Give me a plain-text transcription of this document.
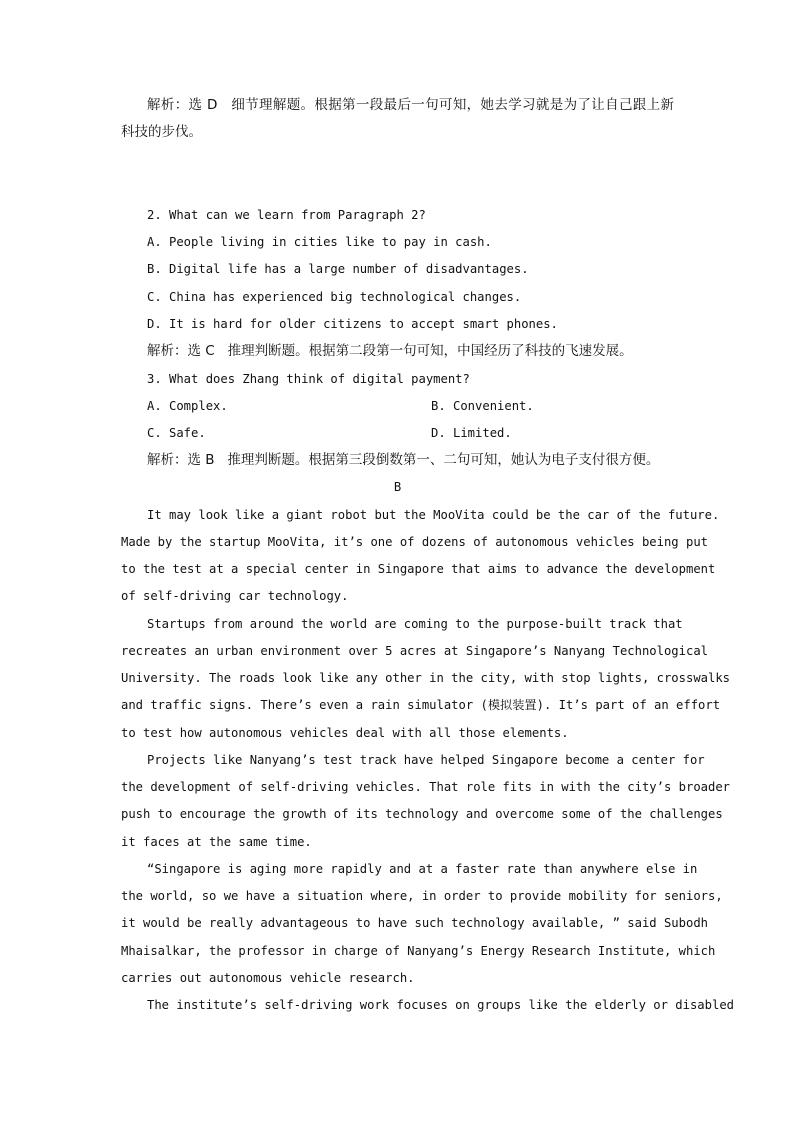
解析：选 D   细节理解题。根据第一段最后一句可知，她去学习就是为了让自己跟上新
科技的步伐。
2. What can we learn from Paragraph 2?
A. People living in cities like to pay in cash.
B. Digital life has a large number of disadvantages.
C. China has experienced big technological changes.
D. It is hard for older citizens to accept smart phones.
解析：选 C   推理判断题。根据第二段第一句可知，中国经历了科技的飞速发展。
3. What does Zhang think of digital payment?
A. Complex.	B. Convenient.
C. Safe.	D. Limited.
解析：选 B   推理判断题。根据第三段倒数第一、二句可知，她认为电子支付很方便。
B
It may look like a giant robot but the MooVita could be the car of the future.
Made by the startup MooVita, it’s one of dozens of autonomous vehicles being put
to the test at a special center in Singapore that aims to advance the development
of self-driving car technology.
Startups from around the world are coming to the purpose-built track that
recreates an urban environment over 5 acres at Singapore’s Nanyang Technological
University. The roads look like any other in the city, with stop lights, crosswalks
and traffic signs. There’s even a rain simulator (模拟装置). It’s part of an effort
to test how autonomous vehicles deal with all those elements.
Projects like Nanyang’s test track have helped Singapore become a center for
the development of self-driving vehicles. That role fits in with the city’s broader
push to encourage the growth of its technology and overcome some of the challenges
it faces at the same time.
“Singapore is aging more rapidly and at a faster rate than anywhere else in
the world, so we have a situation where, in order to provide mobility for seniors,
it would be really advantageous to have such technology available, ” said Subodh
Mhaisalkar, the professor in charge of Nanyang’s Energy Research Institute, which
carries out autonomous vehicle research.
The institute’s self-driving work focuses on groups like the elderly or disabled
